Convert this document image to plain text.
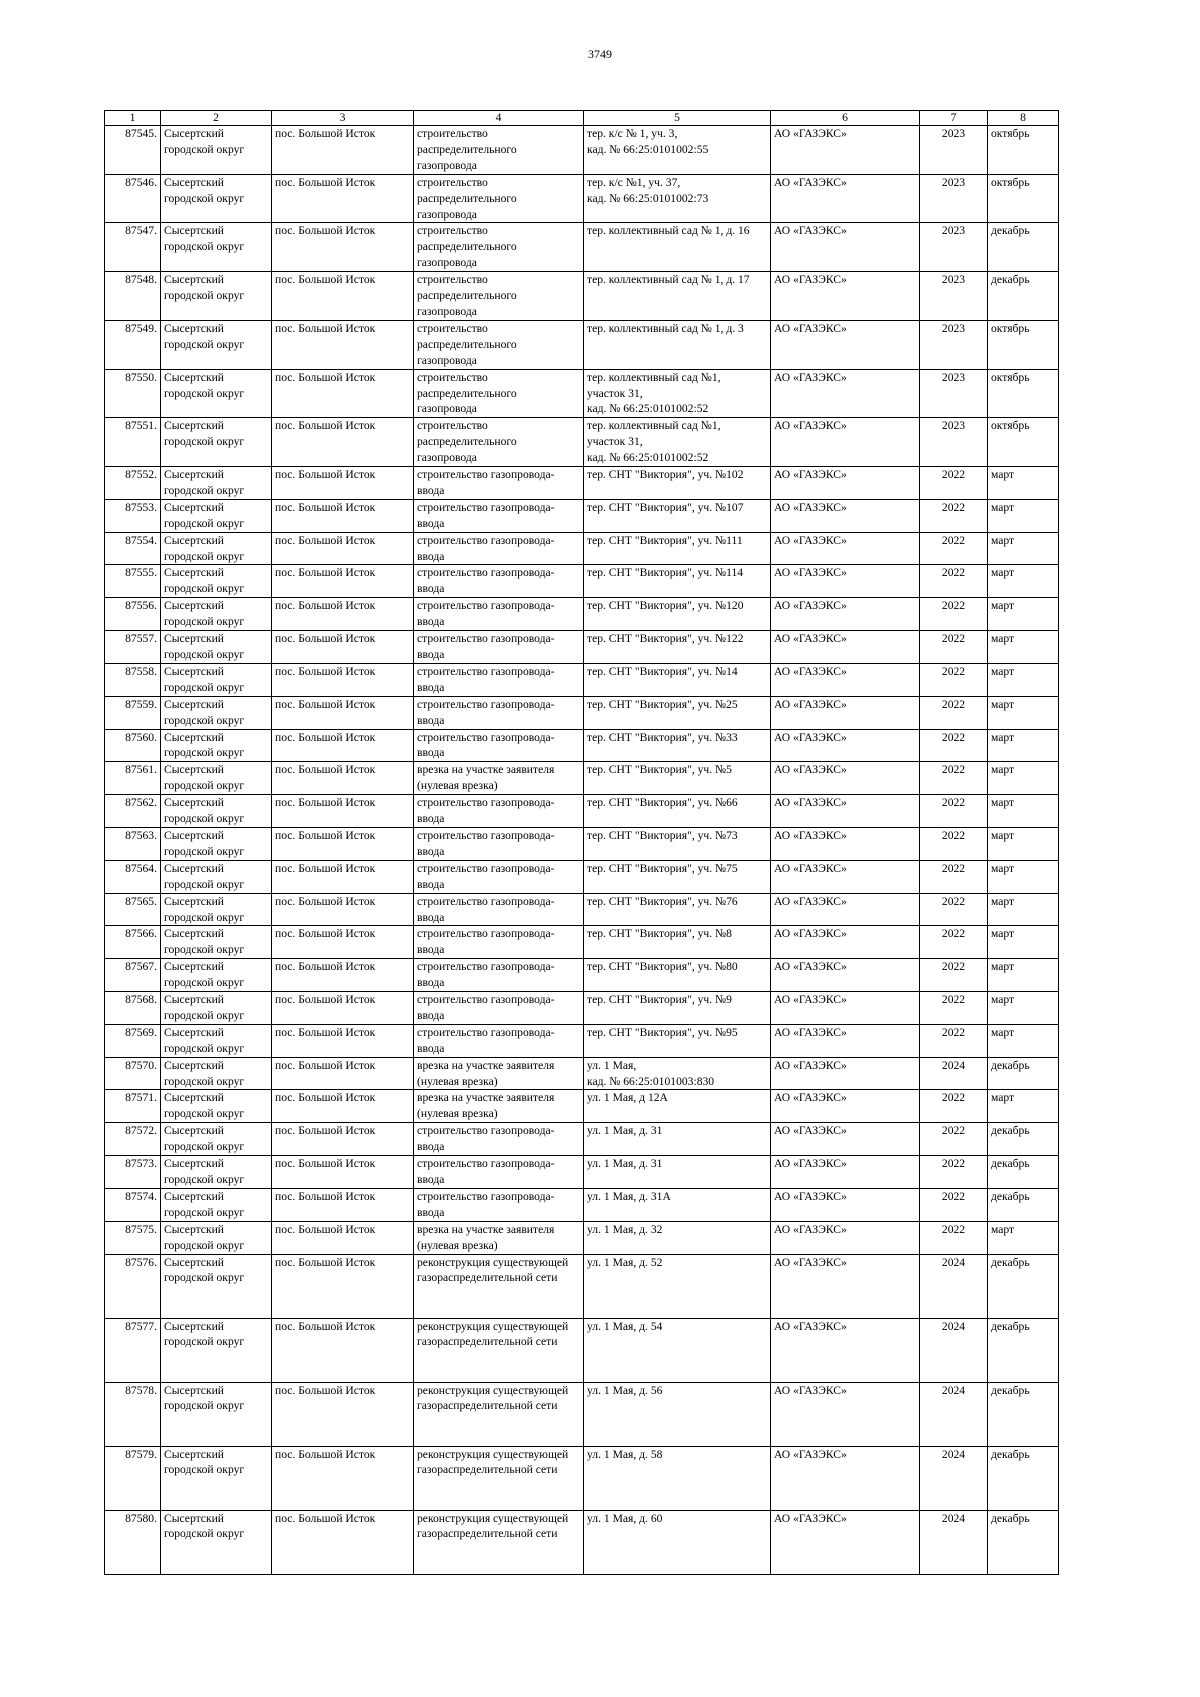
3749
1	2	3	4	5	6	7	8
87545.	Сысертский
городской округ	пос. Большой Исток	строительство
распределительного
газопровода	тер. к/с № 1, уч. 3,
кад. № 66:25:0101002:55	АО «ГАЗЭКС»	2023	октябрь
87546.	Сысертский
городской округ	пос. Большой Исток	строительство
распределительного
газопровода	тер. к/с №1, уч. 37,
кад. № 66:25:0101002:73	АО «ГАЗЭКС»	2023	октябрь
87547.	Сысертский
городской округ	пос. Большой Исток	строительство
распределительного
газопровода	тер. коллективный сад № 1, д. 16	АО «ГАЗЭКС»	2023	декабрь
87548.	Сысертский
городской округ	пос. Большой Исток	строительство
распределительного
газопровода	тер. коллективный сад № 1, д. 17	АО «ГАЗЭКС»	2023	декабрь
87549.	Сысертский
городской округ	пос. Большой Исток	строительство
распределительного
газопровода	тер. коллективный сад № 1, д. 3	АО «ГАЗЭКС»	2023	октябрь
87550.	Сысертский
городской округ	пос. Большой Исток	строительство
распределительного
газопровода	тер. коллективный сад №1,
участок 31,
кад. № 66:25:0101002:52	АО «ГАЗЭКС»	2023	октябрь
87551.	Сысертский
городской округ	пос. Большой Исток	строительство
распределительного
газопровода	тер. коллективный сад №1,
участок 31,
кад. № 66:25:0101002:52	АО «ГАЗЭКС»	2023	октябрь
87552.	Сысертский
городской округ	пос. Большой Исток	строительство газопровода-
ввода	тер. СНТ "Виктория", уч. №102	АО «ГАЗЭКС»	2022	март
87553.	Сысертский
городской округ	пос. Большой Исток	строительство газопровода-
ввода	тер. СНТ "Виктория", уч. №107	АО «ГАЗЭКС»	2022	март
87554.	Сысертский
городской округ	пос. Большой Исток	строительство газопровода-
ввода	тер. СНТ "Виктория", уч. №111	АО «ГАЗЭКС»	2022	март
87555.	Сысертский
городской округ	пос. Большой Исток	строительство газопровода-
ввода	тер. СНТ "Виктория", уч. №114	АО «ГАЗЭКС»	2022	март
87556.	Сысертский
городской округ	пос. Большой Исток	строительство газопровода-
ввода	тер. СНТ "Виктория", уч. №120	АО «ГАЗЭКС»	2022	март
87557.	Сысертский
городской округ	пос. Большой Исток	строительство газопровода-
ввода	тер. СНТ "Виктория", уч. №122	АО «ГАЗЭКС»	2022	март
87558.	Сысертский
городской округ	пос. Большой Исток	строительство газопровода-
ввода	тер. СНТ "Виктория", уч. №14	АО «ГАЗЭКС»	2022	март
87559.	Сысертский
городской округ	пос. Большой Исток	строительство газопровода-
ввода	тер. СНТ "Виктория", уч. №25	АО «ГАЗЭКС»	2022	март
87560.	Сысертский
городской округ	пос. Большой Исток	строительство газопровода-
ввода	тер. СНТ "Виктория", уч. №33	АО «ГАЗЭКС»	2022	март
87561.	Сысертский
городской округ	пос. Большой Исток	врезка на участке заявителя
(нулевая врезка)	тер. СНТ "Виктория", уч. №5	АО «ГАЗЭКС»	2022	март
87562.	Сысертский
городской округ	пос. Большой Исток	строительство газопровода-
ввода	тер. СНТ "Виктория", уч. №66	АО «ГАЗЭКС»	2022	март
87563.	Сысертский
городской округ	пос. Большой Исток	строительство газопровода-
ввода	тер. СНТ "Виктория", уч. №73	АО «ГАЗЭКС»	2022	март
87564.	Сысертский
городской округ	пос. Большой Исток	строительство газопровода-
ввода	тер. СНТ "Виктория", уч. №75	АО «ГАЗЭКС»	2022	март
87565.	Сысертский
городской округ	пос. Большой Исток	строительство газопровода-
ввода	тер. СНТ "Виктория", уч. №76	АО «ГАЗЭКС»	2022	март
87566.	Сысертский
городской округ	пос. Большой Исток	строительство газопровода-
ввода	тер. СНТ "Виктория", уч. №8	АО «ГАЗЭКС»	2022	март
87567.	Сысертский
городской округ	пос. Большой Исток	строительство газопровода-
ввода	тер. СНТ "Виктория", уч. №80	АО «ГАЗЭКС»	2022	март
87568.	Сысертский
городской округ	пос. Большой Исток	строительство газопровода-
ввода	тер. СНТ "Виктория", уч. №9	АО «ГАЗЭКС»	2022	март
87569.	Сысертский
городской округ	пос. Большой Исток	строительство газопровода-
ввода	тер. СНТ "Виктория", уч. №95	АО «ГАЗЭКС»	2022	март
87570.	Сысертский
городской округ	пос. Большой Исток	врезка на участке заявителя
(нулевая врезка)	ул. 1 Мая,
кад. № 66:25:0101003:830	АО «ГАЗЭКС»	2024	декабрь
87571.	Сысертский
городской округ	пос. Большой Исток	врезка на участке заявителя
(нулевая врезка)	ул. 1 Мая, д 12А	АО «ГАЗЭКС»	2022	март
87572.	Сысертский
городской округ	пос. Большой Исток	строительство газопровода-
ввода	ул. 1 Мая, д. 31	АО «ГАЗЭКС»	2022	декабрь
87573.	Сысертский
городской округ	пос. Большой Исток	строительство газопровода-
ввода	ул. 1 Мая, д. 31	АО «ГАЗЭКС»	2022	декабрь
87574.	Сысертский
городской округ	пос. Большой Исток	строительство газопровода-
ввода	ул. 1 Мая, д. 31А	АО «ГАЗЭКС»	2022	декабрь
87575.	Сысертский
городской округ	пос. Большой Исток	врезка на участке заявителя
(нулевая врезка)	ул. 1 Мая, д. 32	АО «ГАЗЭКС»	2022	март
87576.	Сысертский
городской округ	пос. Большой Исток	реконструкция существующей
газораспределительной сети	ул. 1 Мая, д. 52	АО «ГАЗЭКС»	2024	декабрь
87577.	Сысертский
городской округ	пос. Большой Исток	реконструкция существующей
газораспределительной сети	ул. 1 Мая, д. 54	АО «ГАЗЭКС»	2024	декабрь
87578.	Сысертский
городской округ	пос. Большой Исток	реконструкция существующей
газораспределительной сети	ул. 1 Мая, д. 56	АО «ГАЗЭКС»	2024	декабрь
87579.	Сысертский
городской округ	пос. Большой Исток	реконструкция существующей
газораспределительной сети	ул. 1 Мая, д. 58	АО «ГАЗЭКС»	2024	декабрь
87580.	Сысертский
городской округ	пос. Большой Исток	реконструкция существующей
газораспределительной сети	ул. 1 Мая, д. 60	АО «ГАЗЭКС»	2024	декабрь
